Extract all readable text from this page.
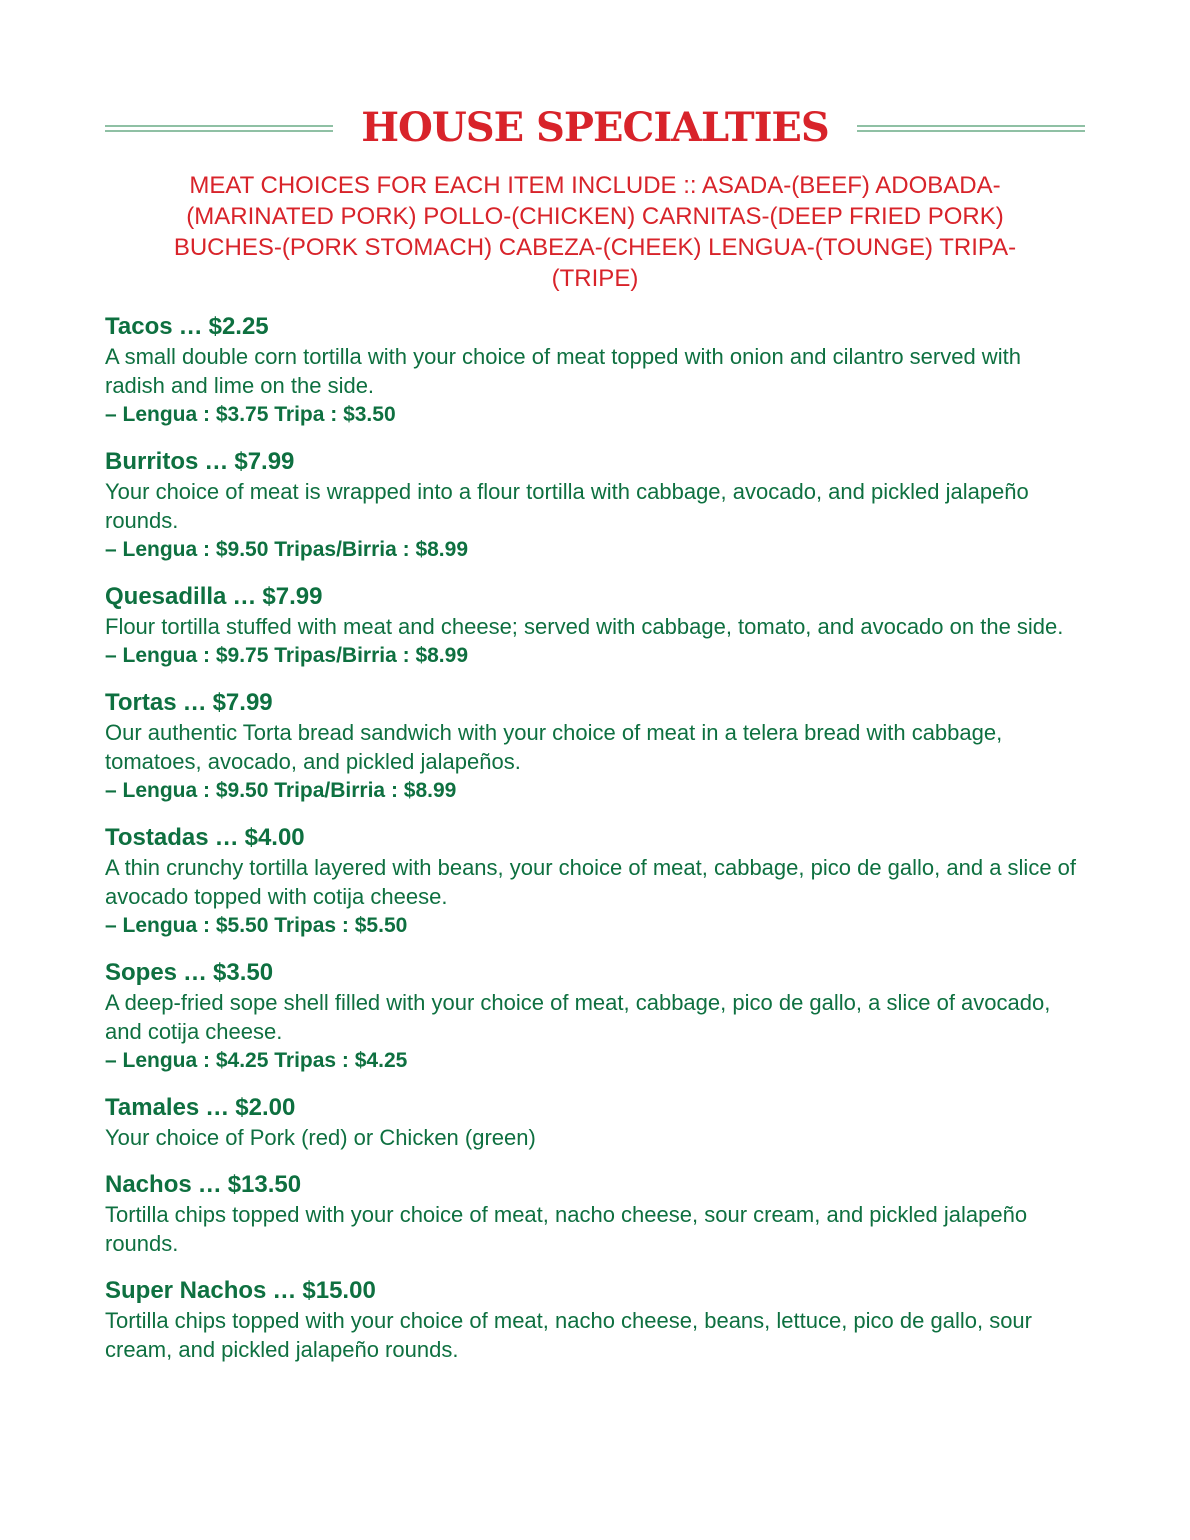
HOUSE SPECIALTIES
MEAT CHOICES FOR EACH ITEM INCLUDE :: ASADA-(BEEF) ADOBADA-(MARINATED PORK) POLLO-(CHICKEN) CARNITAS-(DEEP FRIED PORK) BUCHES-(PORK STOMACH) CABEZA-(CHEEK) LENGUA-(TOUNGE) TRIPA-(TRIPE)
Tacos … $2.25
A small double corn tortilla with your choice of meat topped with onion and cilantro served with radish and lime on the side.
– Lengua : $3.75 Tripa : $3.50
Burritos … $7.99
Your choice of meat is wrapped into a flour tortilla with cabbage, avocado, and pickled jalapeño rounds.
– Lengua : $9.50 Tripas/Birria : $8.99
Quesadilla … $7.99
Flour tortilla stuffed with meat and cheese; served with cabbage, tomato, and avocado on the side.
– Lengua : $9.75 Tripas/Birria : $8.99
Tortas … $7.99
Our authentic Torta bread sandwich with your choice of meat in a telera bread with cabbage, tomatoes, avocado, and pickled jalapeños.
– Lengua : $9.50 Tripa/Birria : $8.99
Tostadas … $4.00
A thin crunchy tortilla layered with beans, your choice of meat, cabbage, pico de gallo, and a slice of avocado topped with cotija cheese.
– Lengua : $5.50 Tripas : $5.50
Sopes … $3.50
A deep-fried sope shell filled with your choice of meat, cabbage, pico de gallo, a slice of avocado, and cotija cheese.
– Lengua : $4.25 Tripas : $4.25
Tamales … $2.00
Your choice of Pork (red) or Chicken (green)
Nachos … $13.50
Tortilla chips topped with your choice of meat, nacho cheese, sour cream, and pickled jalapeño rounds.
Super Nachos … $15.00
Tortilla chips topped with your choice of meat, nacho cheese, beans, lettuce, pico de gallo, sour cream, and pickled jalapeño rounds.
